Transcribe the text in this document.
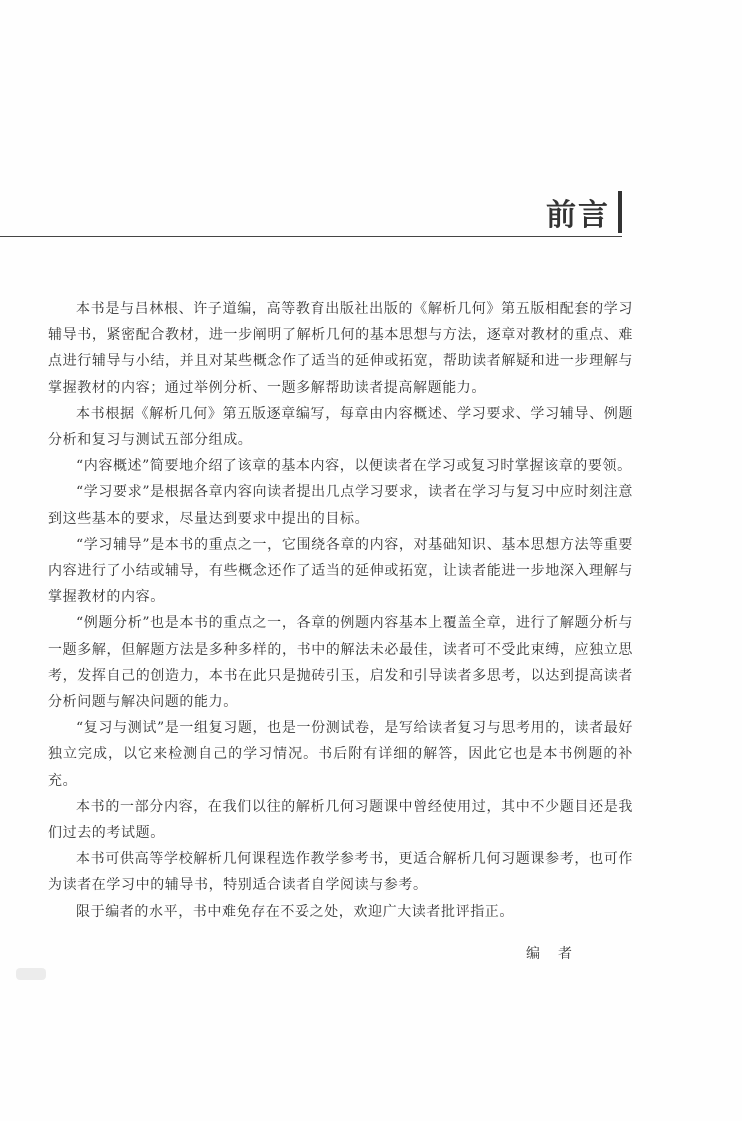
前言

本书是与吕林根、许子道编，高等教育出版社出版的《解析几何》第五版相配套的学习辅导书，紧密配合教材，进一步阐明了解析几何的基本思想与方法，逐章对教材的重点、难点进行辅导与小结，并且对某些概念作了适当的延伸或拓宽，帮助读者解疑和进一步理解与掌握教材的内容；通过举例分析、一题多解帮助读者提高解题能力。

本书根据《解析几何》第五版逐章编写，每章由内容概述、学习要求、学习辅导、例题分析和复习与测试五部分组成。

“内容概述”简要地介绍了该章的基本内容，以便读者在学习或复习时掌握该章的要领。

“学习要求”是根据各章内容向读者提出几点学习要求，读者在学习与复习中应时刻注意到这些基本的要求，尽量达到要求中提出的目标。

“学习辅导”是本书的重点之一，它围绕各章的内容，对基础知识、基本思想方法等重要内容进行了小结或辅导，有些概念还作了适当的延伸或拓宽，让读者能进一步地深入理解与掌握教材的内容。

“例题分析”也是本书的重点之一，各章的例题内容基本上覆盖全章，进行了解题分析与一题多解，但解题方法是多种多样的，书中的解法未必最佳，读者可不受此束缚，应独立思考，发挥自己的创造力，本书在此只是抛砖引玉，启发和引导读者多思考，以达到提高读者分析问题与解决问题的能力。

“复习与测试”是一组复习题，也是一份测试卷，是写给读者复习与思考用的，读者最好独立完成，以它来检测自己的学习情况。书后附有详细的解答，因此它也是本书例题的补充。

本书的一部分内容，在我们以往的解析几何习题课中曾经使用过，其中不少题目还是我们过去的考试题。

本书可供高等学校解析几何课程选作教学参考书，更适合解析几何习题课参考，也可作为读者在学习中的辅导书，特别适合读者自学阅读与参考。

限于编者的水平，书中难免存在不妥之处，欢迎广大读者批评指正。

编者
